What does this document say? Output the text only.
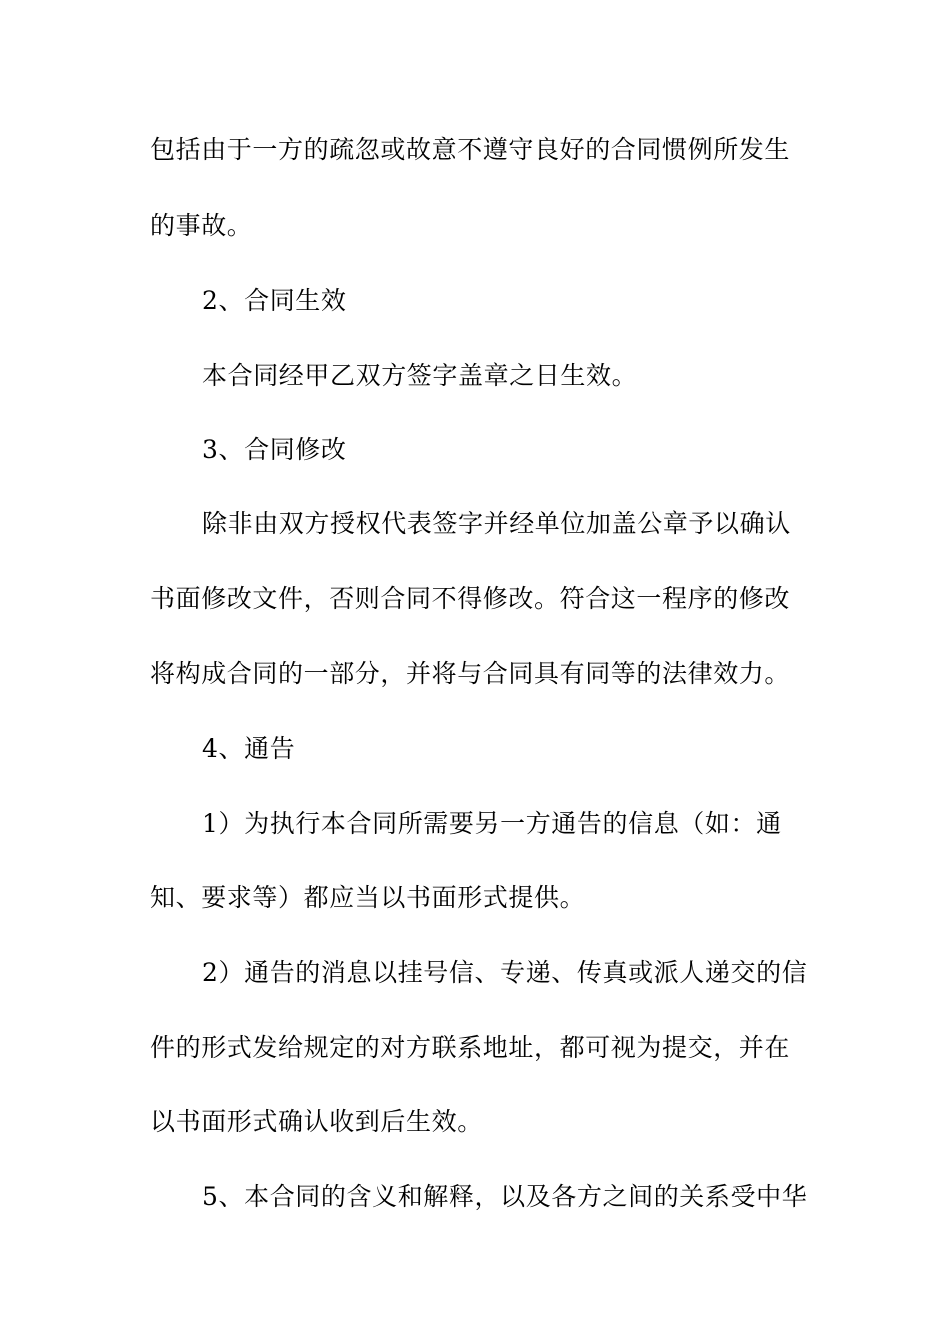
包括由于一方的疏忽或故意不遵守良好的合同惯例所发生
的事故。
2、合同生效
本合同经甲乙双方签字盖章之日生效。
3、合同修改
除非由双方授权代表签字并经单位加盖公章予以确认
书面修改文件，否则合同不得修改。符合这一程序的修改
将构成合同的一部分，并将与合同具有同等的法律效力。
4、通告
1）为执行本合同所需要另一方通告的信息（如：通
知、要求等）都应当以书面形式提供。
2）通告的消息以挂号信、专递、传真或派人递交的信
件的形式发给规定的对方联系地址，都可视为提交，并在
以书面形式确认收到后生效。
5、本合同的含义和解释，以及各方之间的关系受中华
